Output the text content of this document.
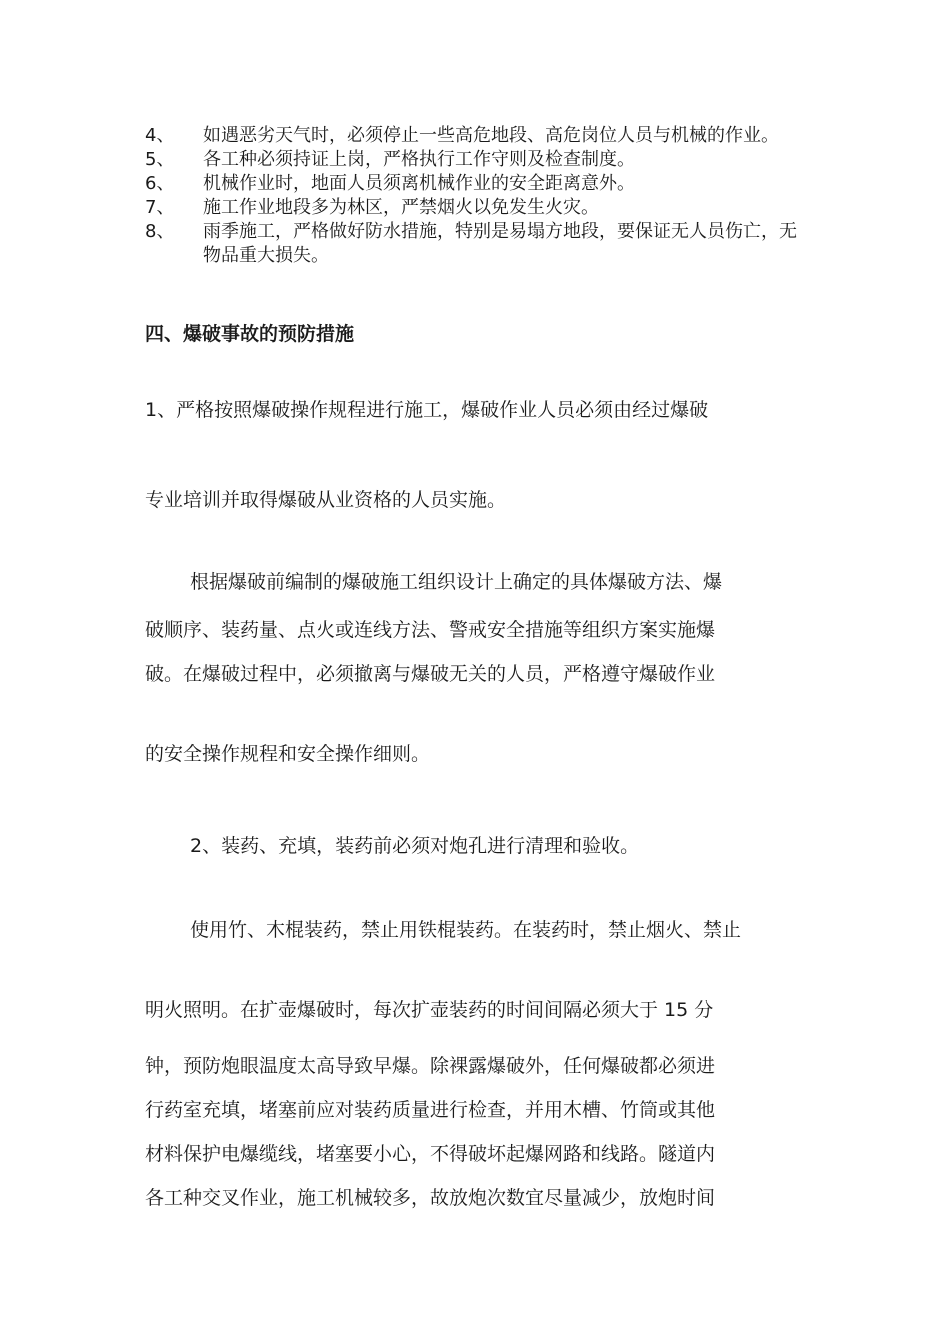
4、	如遇恶劣天气时，必须停止一些高危地段、高危岗位人员与机械的作业。
5、	各工种必须持证上岗，严格执行工作守则及检查制度。
6、	机械作业时，地面人员须离机械作业的安全距离意外。
7、	施工作业地段多为林区，严禁烟火以免发生火灾。
8、	雨季施工，严格做好防水措施，特别是易塌方地段，要保证无人员伤亡，无物品重大损失。
四、爆破事故的预防措施
1、严格按照爆破操作规程进行施工，爆破作业人员必须由经过爆破
专业培训并取得爆破从业资格的人员实施。
根据爆破前编制的爆破施工组织设计上确定的具体爆破方法、爆
破顺序、装药量、点火或连线方法、警戒安全措施等组织方案实施爆
破。在爆破过程中，必须撤离与爆破无关的人员，严格遵守爆破作业
的安全操作规程和安全操作细则。
2、装药、充填，装药前必须对炮孔进行清理和验收。
使用竹、木棍装药，禁止用铁棍装药。在装药时，禁止烟火、禁止
明火照明。在扩壶爆破时，每次扩壶装药的时间间隔必须大于 15 分
钟，预防炮眼温度太高导致早爆。除裸露爆破外，任何爆破都必须进
行药室充填，堵塞前应对装药质量进行检查，并用木槽、竹筒或其他
材料保护电爆缆线，堵塞要小心，不得破坏起爆网路和线路。隧道内
各工种交叉作业，施工机械较多，故放炮次数宜尽量减少，放炮时间
